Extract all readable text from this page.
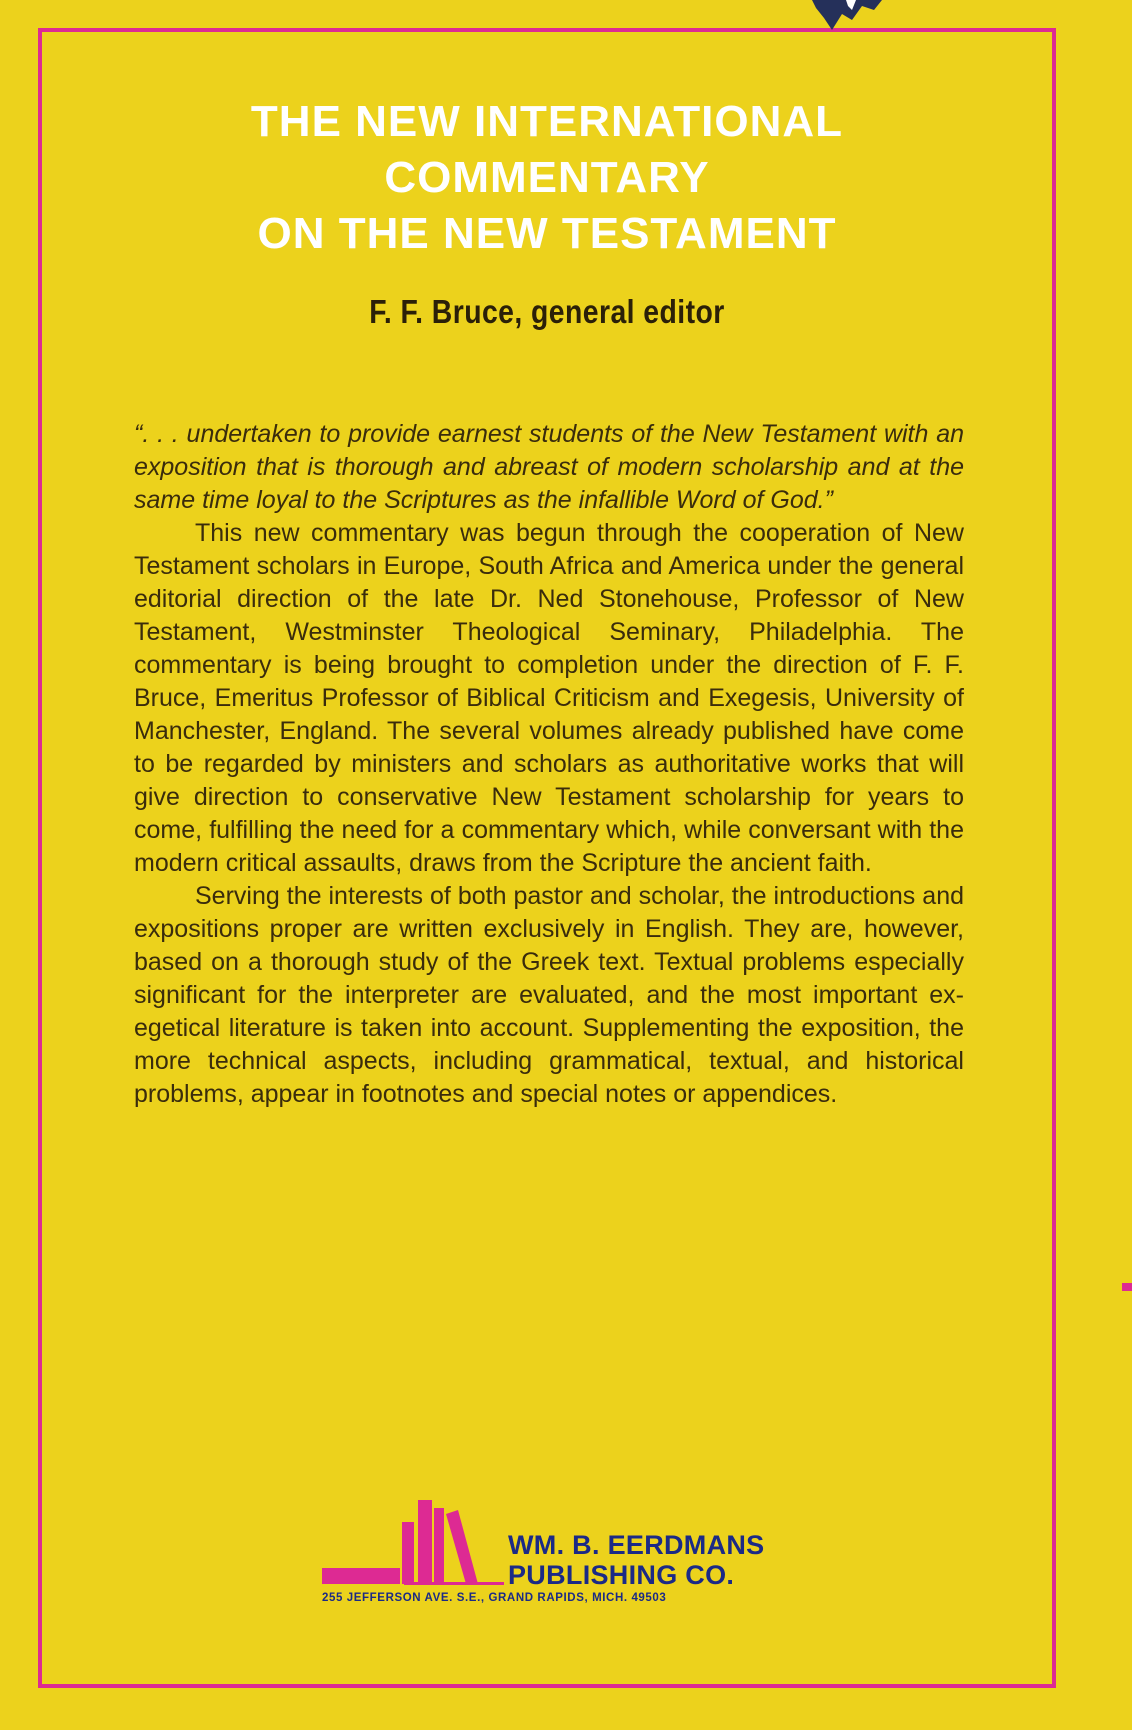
THE NEW INTERNATIONAL
COMMENTARY
ON THE NEW TESTAMENT
F. F. Bruce, general editor

“. . . undertaken to provide earnest students of the New Testament with an exposition that is thorough and abreast of modern scholarship and at the same time loyal to the Scriptures as the infallible Word of God.”

This new commentary was begun through the cooperation of New Testament scholars in Europe, South Africa and America under the general editorial direction of the late Dr. Ned Stonehouse, Professor of New Testament, Westminster Theological Seminary, Philadelphia. The commentary is being brought to completion under the direction of F. F. Bruce, Emeritus Professor of Biblical Criticism and Exegesis, University of Manchester, England. The several volumes already published have come to be regarded by ministers and scholars as authoritative works that will give direction to conservative New Testament scholarship for years to come, fulfilling the need for a commentary which, while conversant with the modern critical assaults, draws from the Scripture the ancient faith.

Serving the interests of both pastor and scholar, the introductions and expositions proper are written exclusively in English. They are, however, based on a thorough study of the Greek text. Textual problems especially significant for the interpreter are evaluated, and the most important exegetical literature is taken into account. Supplementing the exposition, the more technical aspects, including grammatical, textual, and historical problems, appear in footnotes and special notes or appendices.

WM. B. EERDMANS
PUBLISHING CO.
255 JEFFERSON AVE. S.E., GRAND RAPIDS, MICH. 49503
